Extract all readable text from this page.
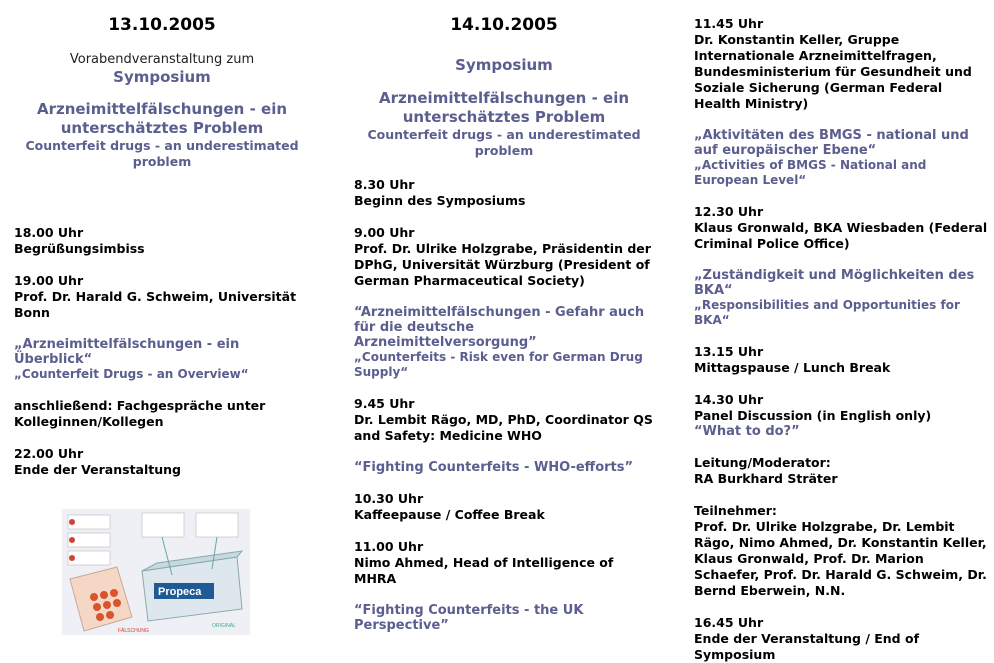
13.10.2005
Vorabendveranstaltung zum
Symposium
Arzneimittelfälschungen - ein unterschätztes Problem
Counterfeit drugs - an underestimated problem
18.00 Uhr
Begrüßungsimbiss
19.00 Uhr
Prof. Dr. Harald G. Schweim, Universität Bonn
„Arzneimittelfälschungen - ein Überblick“
„Counterfeit Drugs - an Overview“
anschließend: Fachgespräche unter Kolleginnen/Kollegen
22.00 Uhr
Ende der Veranstaltung
Propeca
FÄLSCHUNG
ORIGINAL
14.10.2005
Symposium
Arzneimittelfälschungen - ein unterschätztes Problem
Counterfeit drugs - an underestimated problem
8.30 Uhr
Beginn des Symposiums
9.00 Uhr
Prof. Dr. Ulrike Holzgrabe, Präsidentin der DPhG, Universität Würzburg (President of German Pharmaceutical Society)
“Arzneimittelfälschungen - Gefahr auch für die deutsche Arzneimittelversorgung”
„Counterfeits - Risk even for German Drug Supply“
9.45 Uhr
Dr. Lembit Rägo, MD, PhD, Coordinator QS and Safety: Medicine WHO
“Fighting Counterfeits - WHO-efforts”
10.30 Uhr
Kaffeepause / Coffee Break
11.00 Uhr
Nimo Ahmed, Head of Intelligence of MHRA
“Fighting Counterfeits - the UK Perspective”
11.45 Uhr
Dr. Konstantin Keller, Gruppe Internationale Arzneimittelfragen, Bundesministerium für Gesundheit und Soziale Sicherung (German Federal Health Ministry)
„Aktivitäten des BMGS - national und auf europäischer Ebene“
„Activities of BMGS - National and European Level“
12.30 Uhr
Klaus Gronwald, BKA Wiesbaden (Federal Criminal Police Office)
„Zuständigkeit und Möglichkeiten des BKA“
„Responsibilities and Opportunities for BKA“
13.15 Uhr
Mittagspause / Lunch Break
14.30 Uhr
Panel Discussion (in English only)
“What to do?”
Leitung/Moderator:
RA Burkhard Sträter
Teilnehmer:
Prof. Dr. Ulrike Holzgrabe, Dr. Lembit Rägo, Nimo Ahmed, Dr. Konstantin Keller, Klaus Gronwald, Prof. Dr. Marion Schaefer, Prof. Dr. Harald G. Schweim, Dr. Bernd Eberwein, N.N.
16.45 Uhr
Ende der Veranstaltung / End of Symposium
